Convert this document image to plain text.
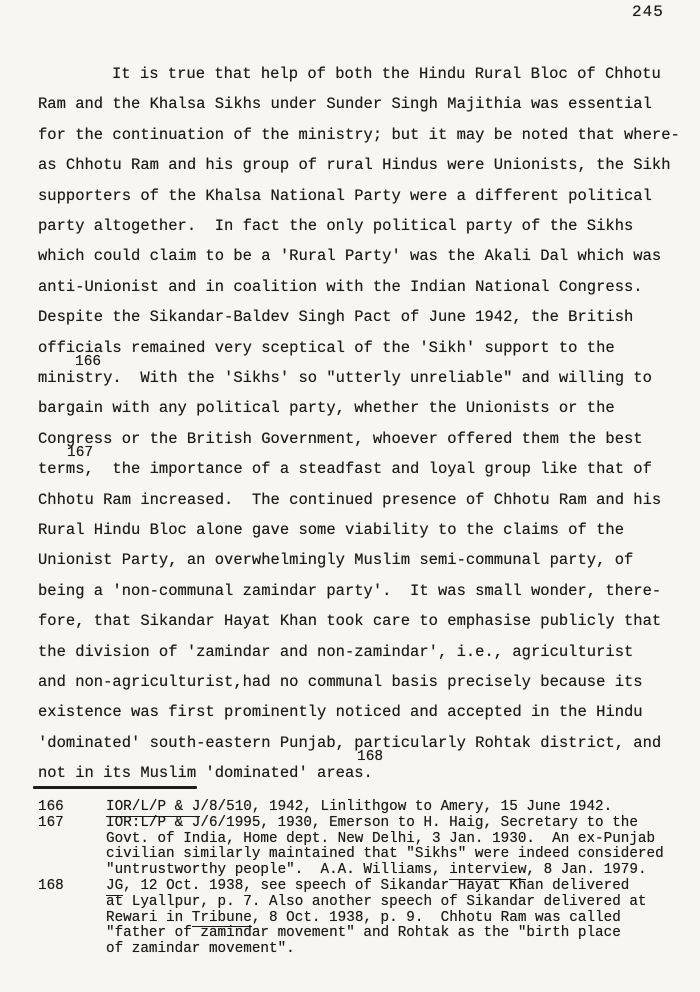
245
It is true that help of both the Hindu Rural Bloc of Chhotu
Ram and the Khalsa Sikhs under Sunder Singh Majithia was essential
for the continuation of the ministry; but it may be noted that where-
as Chhotu Ram and his group of rural Hindus were Unionists, the Sikh
supporters of the Khalsa National Party were a different political
party altogether.  In fact the only political party of the Sikhs
which could claim to be a 'Rural Party' was the Akali Dal which was
anti-Unionist and in coalition with the Indian National Congress.
Despite the Sikandar-Baldev Singh Pact of June 1942, the British
officials remained very sceptical of the 'Sikh' support to the
166
ministry.  With the 'Sikhs' so "utterly unreliable" and willing to
bargain with any political party, whether the Unionists or the
Congress or the British Government, whoever offered them the best
167
terms,  the importance of a steadfast and loyal group like that of
Chhotu Ram increased.  The continued presence of Chhotu Ram and his
Rural Hindu Bloc alone gave some viability to the claims of the
Unionist Party, an overwhelmingly Muslim semi-communal party, of
being a 'non-communal zamindar party'.  It was small wonder, there-
fore, that Sikandar Hayat Khan took care to emphasise publicly that
the division of 'zamindar and non-zamindar', i.e., agriculturist
and non-agriculturist,had no communal basis precisely because its
existence was first prominently noticed and accepted in the Hindu
'dominated' south-eastern Punjab, particularly Rohtak district, and
168
not in its Muslim 'dominated' areas.
166	IOR/L/P & J/8/510, 1942, Linlithgow to Amery, 15 June 1942.
167	IOR:L/P & J/6/1995, 1930, Emerson to H. Haig, Secretary to the
Govt. of India, Home dept. New Delhi, 3 Jan. 1930.  An ex-Punjab
civilian similarly maintained that "Sikhs" were indeed considered
"untrustworthy people".  A.A. Williams, interview, 8 Jan. 1979.
168	JG, 12 Oct. 1938, see speech of Sikandar Hayat Khan delivered
at Lyallpur, p. 7. Also another speech of Sikandar delivered at
Rewari in Tribune, 8 Oct. 1938, p. 9.  Chhotu Ram was called
"father of zamindar movement" and Rohtak as the "birth place
of zamindar movement".
